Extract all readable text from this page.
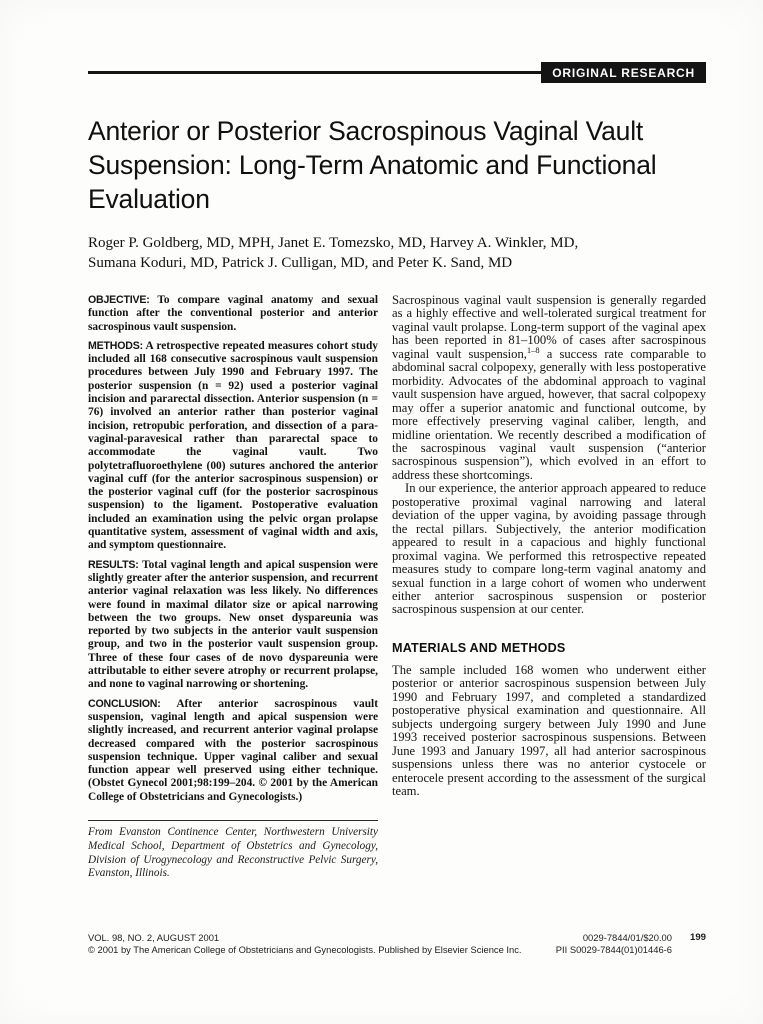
ORIGINAL RESEARCH
Anterior or Posterior Sacrospinous Vaginal Vault Suspension: Long-Term Anatomic and Functional Evaluation
Roger P. Goldberg, MD, MPH, Janet E. Tomezsko, MD, Harvey A. Winkler, MD,
Sumana Koduri, MD, Patrick J. Culligan, MD, and Peter K. Sand, MD

OBJECTIVE: To compare vaginal anatomy and sexual function after the conventional posterior and anterior sacrospinous vault suspension.

METHODS: A retrospective repeated measures cohort study included all 168 consecutive sacrospinous vault suspension procedures between July 1990 and February 1997. The posterior suspension (n = 92) used a posterior vaginal incision and pararectal dissection. Anterior suspension (n = 76) involved an anterior rather than posterior vaginal incision, retropubic perforation, and dissection of a para-vaginal-paravesical rather than pararectal space to accommodate the vaginal vault. Two polytetrafluoroethylene (00) sutures anchored the anterior vaginal cuff (for the anterior sacrospinous suspension) or the posterior vaginal cuff (for the posterior sacrospinous suspension) to the ligament. Postoperative evaluation included an examination using the pelvic organ prolapse quantitative system, assessment of vaginal width and axis, and symptom questionnaire.

RESULTS: Total vaginal length and apical suspension were slightly greater after the anterior suspension, and recurrent anterior vaginal relaxation was less likely. No differences were found in maximal dilator size or apical narrowing between the two groups. New onset dyspareunia was reported by two subjects in the anterior vault suspension group, and two in the posterior vault suspension group. Three of these four cases of de novo dyspareunia were attributable to either severe atrophy or recurrent prolapse, and none to vaginal narrowing or shortening.

CONCLUSION: After anterior sacrospinous vault suspension, vaginal length and apical suspension were slightly increased, and recurrent anterior vaginal prolapse decreased compared with the posterior sacrospinous suspension technique. Upper vaginal caliber and sexual function appear well preserved using either technique. (Obstet Gynecol 2001;98:199–204. © 2001 by the American College of Obstetricians and Gynecologists.)

From Evanston Continence Center, Northwestern University Medical School, Department of Obstetrics and Gynecology, Division of Urogynecology and Reconstructive Pelvic Surgery, Evanston, Illinois.

Sacrospinous vaginal vault suspension is generally regarded as a highly effective and well-tolerated surgical treatment for vaginal vault prolapse. Long-term support of the vaginal apex has been reported in 81–100% of cases after sacrospinous vaginal vault suspension,$^{1-8}$ a success rate comparable to abdominal sacral colpopexy, generally with less postoperative morbidity. Advocates of the abdominal approach to vaginal vault suspension have argued, however, that sacral colpopexy may offer a superior anatomic and functional outcome, by more effectively preserving vaginal caliber, length, and midline orientation. We recently described a modification of the sacrospinous vaginal vault suspension (“anterior sacrospinous suspension”), which evolved in an effort to address these shortcomings.

In our experience, the anterior approach appeared to reduce postoperative proximal vaginal narrowing and lateral deviation of the upper vagina, by avoiding passage through the rectal pillars. Subjectively, the anterior modification appeared to result in a capacious and highly functional proximal vagina. We performed this retrospective repeated measures study to compare long-term vaginal anatomy and sexual function in a large cohort of women who underwent either anterior sacrospinous suspension or posterior sacrospinous suspension at our center.

MATERIALS AND METHODS

The sample included 168 women who underwent either posterior or anterior sacrospinous suspension between July 1990 and February 1997, and completed a standardized postoperative physical examination and questionnaire. All subjects undergoing surgery between July 1990 and June 1993 received posterior sacrospinous suspensions. Between June 1993 and January 1997, all had anterior sacrospinous suspensions unless there was no anterior cystocele or enterocele present according to the assessment of the surgical team.

VOL. 98, NO. 2, AUGUST 2001
© 2001 by The American College of Obstetricians and Gynecologists. Published by Elsevier Science Inc.
0029-7844/01/$20.00
PII S0029-7844(01)01446-6
199
